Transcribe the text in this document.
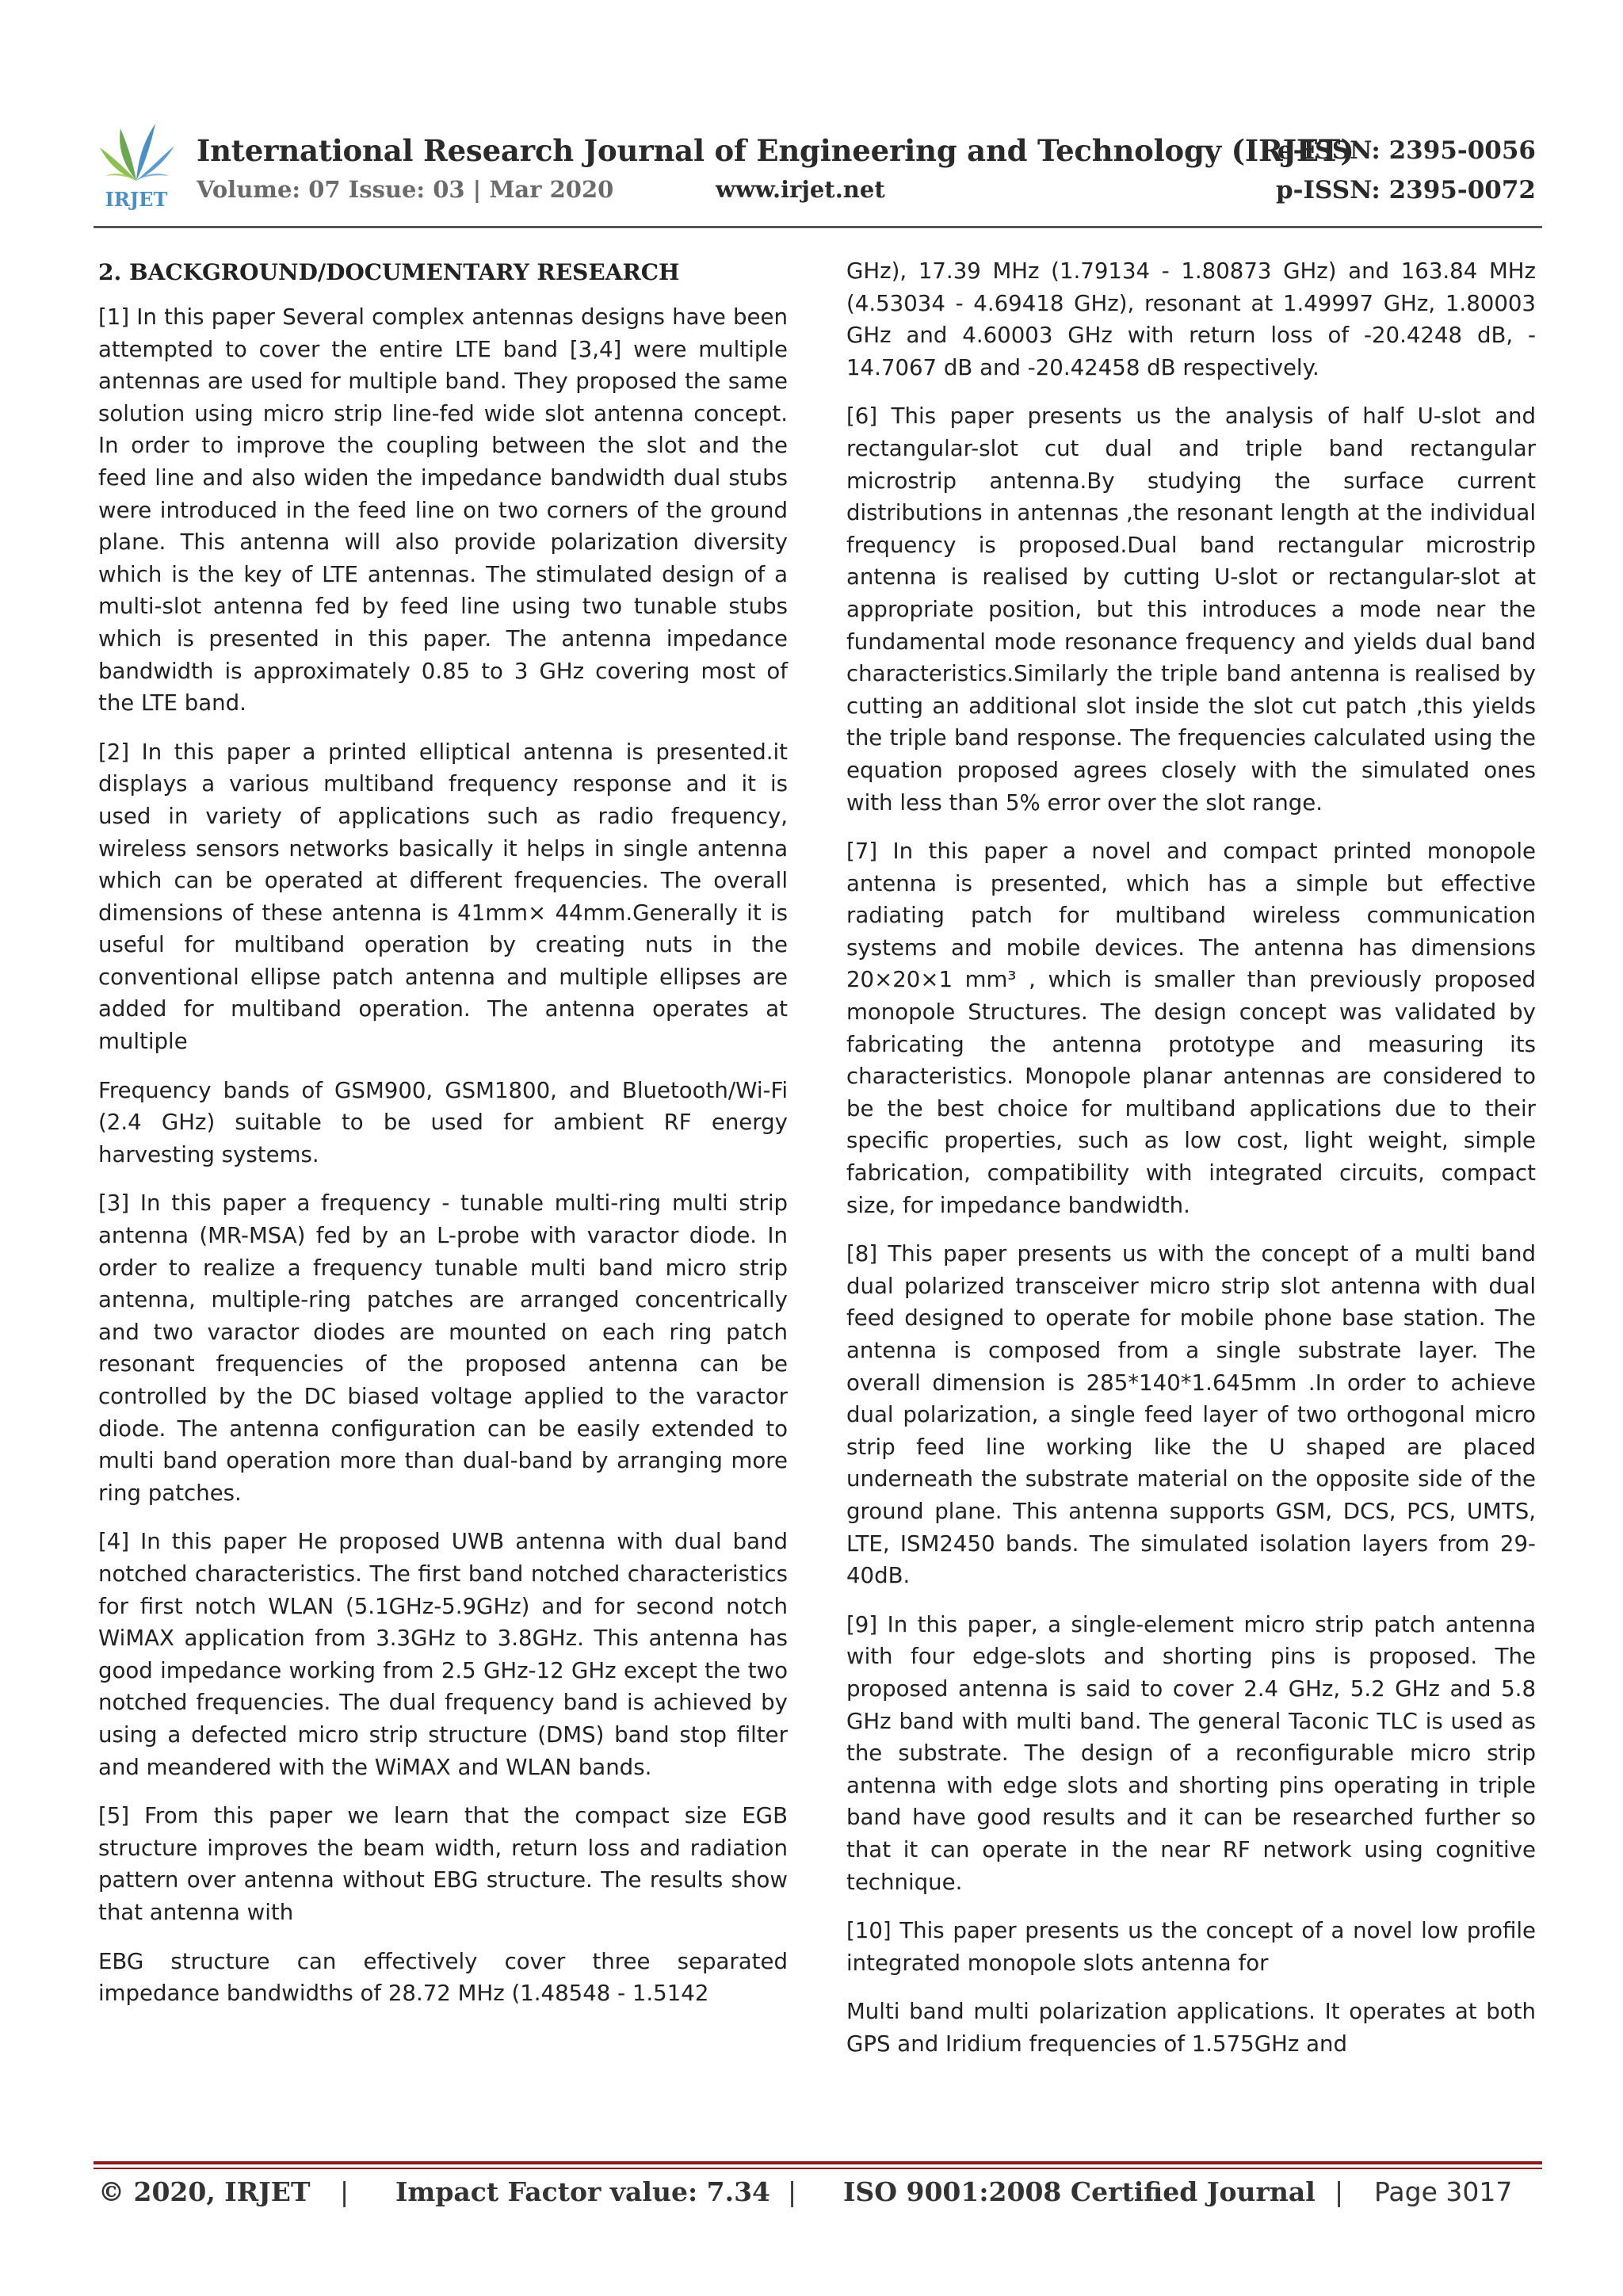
IRJET
International Research Journal of Engineering and Technology (IRJET)
e-ISSN: 2395-0056
Volume: 07 Issue: 03 | Mar 2020	www.irjet.net	p-ISSN: 2395-0072
2. BACKGROUND/DOCUMENTARY RESEARCH

[1] In this paper Several complex antennas designs have been attempted to cover the entire LTE band [3,4] were multiple antennas are used for multiple band. They proposed the same solution using micro strip line-fed wide slot antenna concept. In order to improve the coupling between the slot and the feed line and also widen the impedance bandwidth dual stubs were introduced in the feed line on two corners of the ground plane. This antenna will also provide polarization diversity which is the key of LTE antennas. The stimulated design of a multi-slot antenna fed by feed line using two tunable stubs which is presented in this paper. The antenna impedance bandwidth is approximately 0.85 to 3 GHz covering most of the LTE band.

[2] In this paper a printed elliptical antenna is presented.it displays a various multiband frequency response and it is used in variety of applications such as radio frequency, wireless sensors networks basically it helps in single antenna which can be operated at different frequencies. The overall dimensions of these antenna is 41mm× 44mm.Generally it is useful for multiband operation by creating nuts in the conventional ellipse patch antenna and multiple ellipses are added for multiband operation. The antenna operates at multiple

Frequency bands of GSM900, GSM1800, and Bluetooth/Wi-Fi (2.4 GHz) suitable to be used for ambient RF energy harvesting systems.

[3] In this paper a frequency - tunable multi-ring multi strip antenna (MR-MSA) fed by an L-probe with varactor diode. In order to realize a frequency tunable multi band micro strip antenna, multiple-ring patches are arranged concentrically and two varactor diodes are mounted on each ring patch resonant frequencies of the proposed antenna can be controlled by the DC biased voltage applied to the varactor diode. The antenna configuration can be easily extended to multi band operation more than dual-band by arranging more ring patches.

[4] In this paper He proposed UWB antenna with dual band notched characteristics. The first band notched characteristics for first notch WLAN (5.1GHz-5.9GHz) and for second notch WiMAX application from 3.3GHz to 3.8GHz. This antenna has good impedance working from 2.5 GHz-12 GHz except the two notched frequencies. The dual frequency band is achieved by using a defected micro strip structure (DMS) band stop filter and meandered with the WiMAX and WLAN bands.

[5] From this paper we learn that the compact size EGB structure improves the beam width, return loss and radiation pattern over antenna without EBG structure. The results show that antenna with

EBG structure can effectively cover three separated impedance bandwidths of 28.72 MHz (1.48548 - 1.5142

GHz), 17.39 MHz (1.79134 - 1.80873 GHz) and 163.84 MHz (4.53034 - 4.69418 GHz), resonant at 1.49997 GHz, 1.80003 GHz and 4.60003 GHz with return loss of -20.4248 dB, - 14.7067 dB and -20.42458 dB respectively.

[6] This paper presents us the analysis of half U-slot and rectangular-slot cut dual and triple band rectangular microstrip antenna.By studying the surface current distributions in antennas ,the resonant length at the individual frequency is proposed.Dual band rectangular microstrip antenna is realised by cutting U-slot or rectangular-slot at appropriate position, but this introduces a mode near the fundamental mode resonance frequency and yields dual band characteristics.Similarly the triple band antenna is realised by cutting an additional slot inside the slot cut patch ,this yields the triple band response. The frequencies calculated using the equation proposed agrees closely with the simulated ones with less than 5% error over the slot range.

[7] In this paper a novel and compact printed monopole antenna is presented, which has a simple but effective radiating patch for multiband wireless communication systems and mobile devices. The antenna has dimensions 20×20×1 mm³ , which is smaller than previously proposed monopole Structures. The design concept was validated by fabricating the antenna prototype and measuring its characteristics. Monopole planar antennas are considered to be the best choice for multiband applications due to their specific properties, such as low cost, light weight, simple fabrication, compatibility with integrated circuits, compact size, for impedance bandwidth.

[8] This paper presents us with the concept of a multi band dual polarized transceiver micro strip slot antenna with dual feed designed to operate for mobile phone base station. The antenna is composed from a single substrate layer. The overall dimension is 285*140*1.645mm .In order to achieve dual polarization, a single feed layer of two orthogonal micro strip feed line working like the U shaped are placed underneath the substrate material on the opposite side of the ground plane. This antenna supports GSM, DCS, PCS, UMTS, LTE, ISM2450 bands. The simulated isolation layers from 29-40dB.

[9] In this paper, a single-element micro strip patch antenna with four edge-slots and shorting pins is proposed. The proposed antenna is said to cover 2.4 GHz, 5.2 GHz and 5.8 GHz band with multi band. The general Taconic TLC is used as the substrate. The design of a reconfigurable micro strip antenna with edge slots and shorting pins operating in triple band have good results and it can be researched further so that it can operate in the near RF network using cognitive technique.

[10] This paper presents us the concept of a novel low profile integrated monopole slots antenna for

Multi band multi polarization applications. It operates at both GPS and Iridium frequencies of 1.575GHz and

© 2020, IRJET | Impact Factor value: 7.34 | ISO 9001:2008 Certified Journal | Page 3017
